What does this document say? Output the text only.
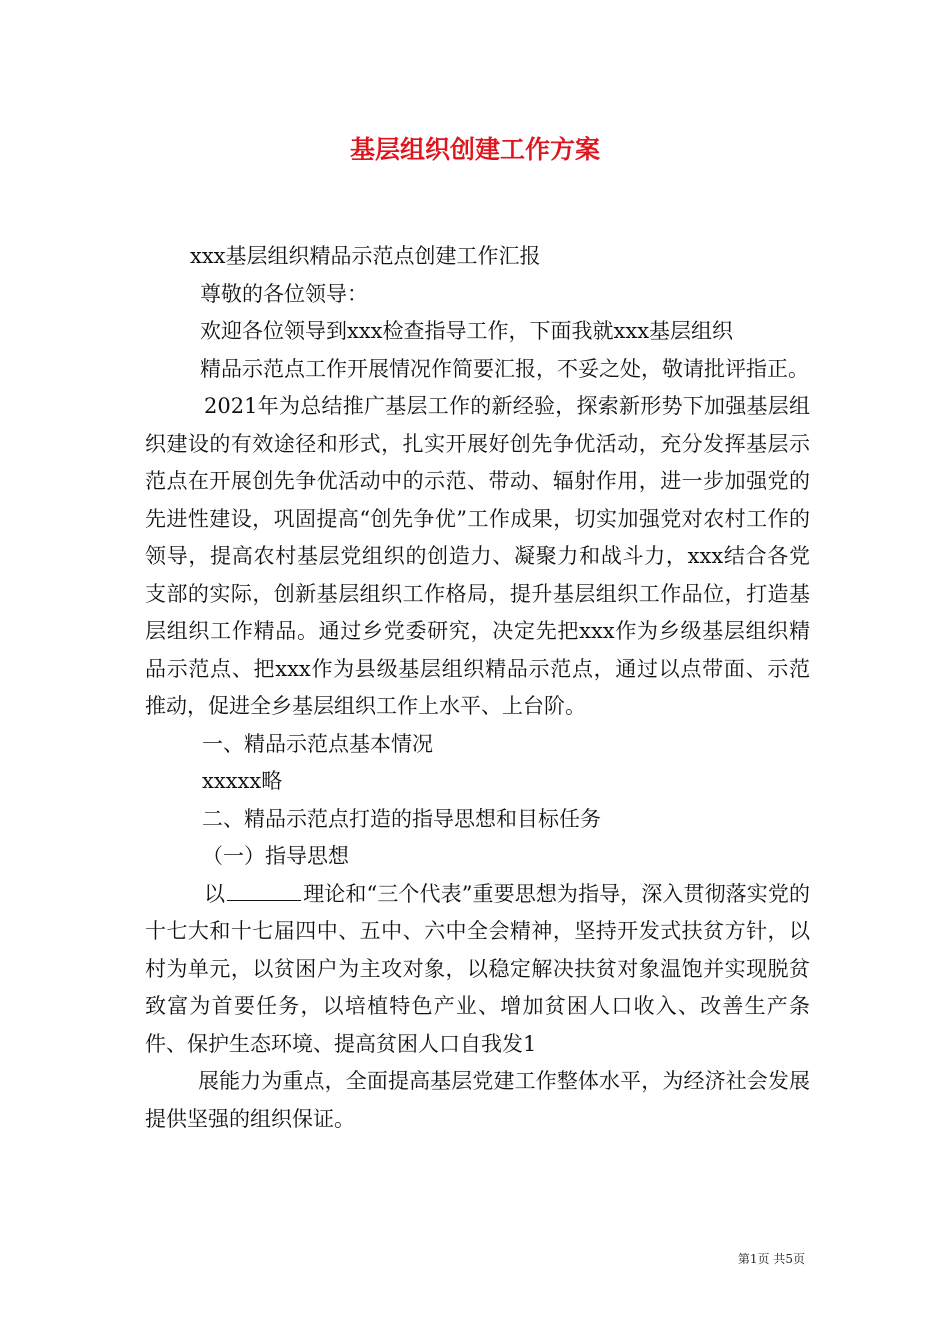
基层组织创建工作方案

xxx基层组织精品示范点创建工作汇报

尊敬的各位领导：

欢迎各位领导到xxx检查指导工作，下面我就xxx基层组织

精品示范点工作开展情况作简要汇报，不妥之处，敬请批评指正。

2021年为总结推广基层工作的新经验，探索新形势下加强基层组织建设的有效途径和形式，扎实开展好创先争优活动，充分发挥基层示范点在开展创先争优活动中的示范、带动、辐射作用，进一步加强党的先进性建设，巩固提高“创先争优”工作成果，切实加强党对农村工作的领导，提高农村基层党组织的创造力、凝聚力和战斗力，xxx结合各党支部的实际，创新基层组织工作格局，提升基层组织工作品位，打造基层组织工作精品。通过乡党委研究，决定先把xxx作为乡级基层组织精品示范点、把xxx作为县级基层组织精品示范点，通过以点带面、示范推动，促进全乡基层组织工作上水平、上台阶。

一、精品示范点基本情况

xxxxx略

二、精品示范点打造的指导思想和目标任务

（一）指导思想

以	理论和“三个代表”重要思想为指导，深入贯彻落实党的十七大和十七届四中、五中、六中全会精神，坚持开发式扶贫方针，以村为单元，以贫困户为主攻对象，以稳定解决扶贫对象温饱并实现脱贫致富为首要任务，以培植特色产业、增加贫困人口收入、改善生产条件、保护生态环境、提高贫困人口自我发1

展能力为重点，全面提高基层党建工作整体水平，为经济社会发展提供坚强的组织保证。

第1页 共5页
